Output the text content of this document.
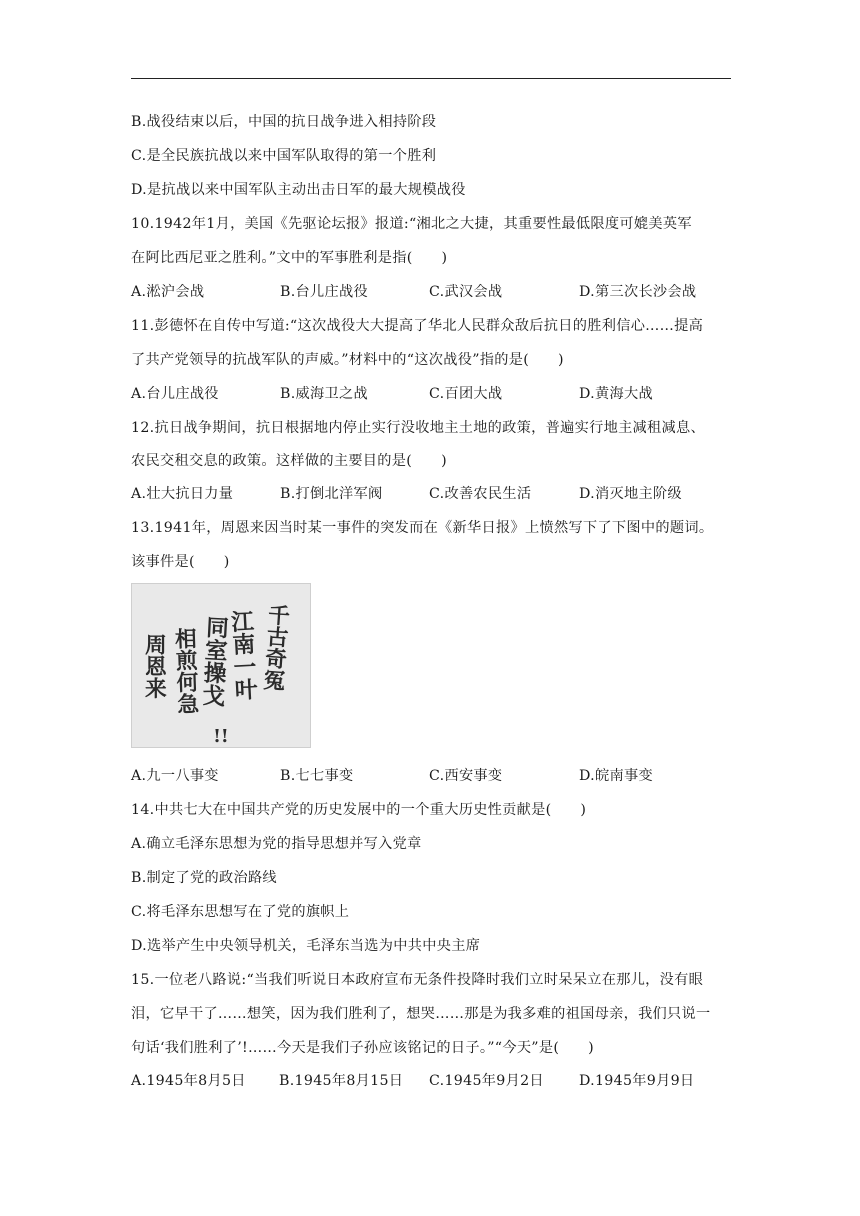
B.战役结束以后，中国的抗日战争进入相持阶段
C.是全民族抗战以来中国军队取得的第一个胜利
D.是抗战以来中国军队主动出击日军的最大规模战役
10.1942年1月，美国《先驱论坛报》报道:“湘北之大捷，其重要性最低限度可媲美英军
在阿比西尼亚之胜利。”文中的军事胜利是指(　　)
A.淞沪会战	B.台儿庄战役	C.武汉会战	D.第三次长沙会战
11.彭德怀在自传中写道:“这次战役大大提高了华北人民群众敌后抗日的胜利信心……提高
了共产党领导的抗战军队的声威。”材料中的“这次战役”指的是(　　)
A.台儿庄战役	B.威海卫之战	C.百团大战	D.黄海大战
12.抗日战争期间，抗日根据地内停止实行没收地主土地的政策，普遍实行地主减租减息、
农民交租交息的政策。这样做的主要目的是(　　)
A.壮大抗日力量	B.打倒北洋军阀	C.改善农民生活	D.消灭地主阶级
13.1941年，周恩来因当时某一事件的突发而在《新华日报》上愤然写下了下图中的题词。
该事件是(　　)
千古奇冤
江南一叶
同室操戈
相煎何急
!!
周恩来
A.九一八事变	B.七七事变	C.西安事变	D.皖南事变
14.中共七大在中国共产党的历史发展中的一个重大历史性贡献是(　　)
A.确立毛泽东思想为党的指导思想并写入党章
B.制定了党的政治路线
C.将毛泽东思想写在了党的旗帜上
D.选举产生中央领导机关，毛泽东当选为中共中央主席
15.一位老八路说:“当我们听说日本政府宣布无条件投降时我们立时呆呆立在那儿，没有眼
泪，它早干了……想笑，因为我们胜利了，想哭……那是为我多难的祖国母亲，我们只说一
句话‘我们胜利了’!……今天是我们子孙应该铭记的日子。”“今天”是(　　)
A.1945年8月5日 B.1945年8月15日 C.1945年9月2日 D.1945年9月9日
